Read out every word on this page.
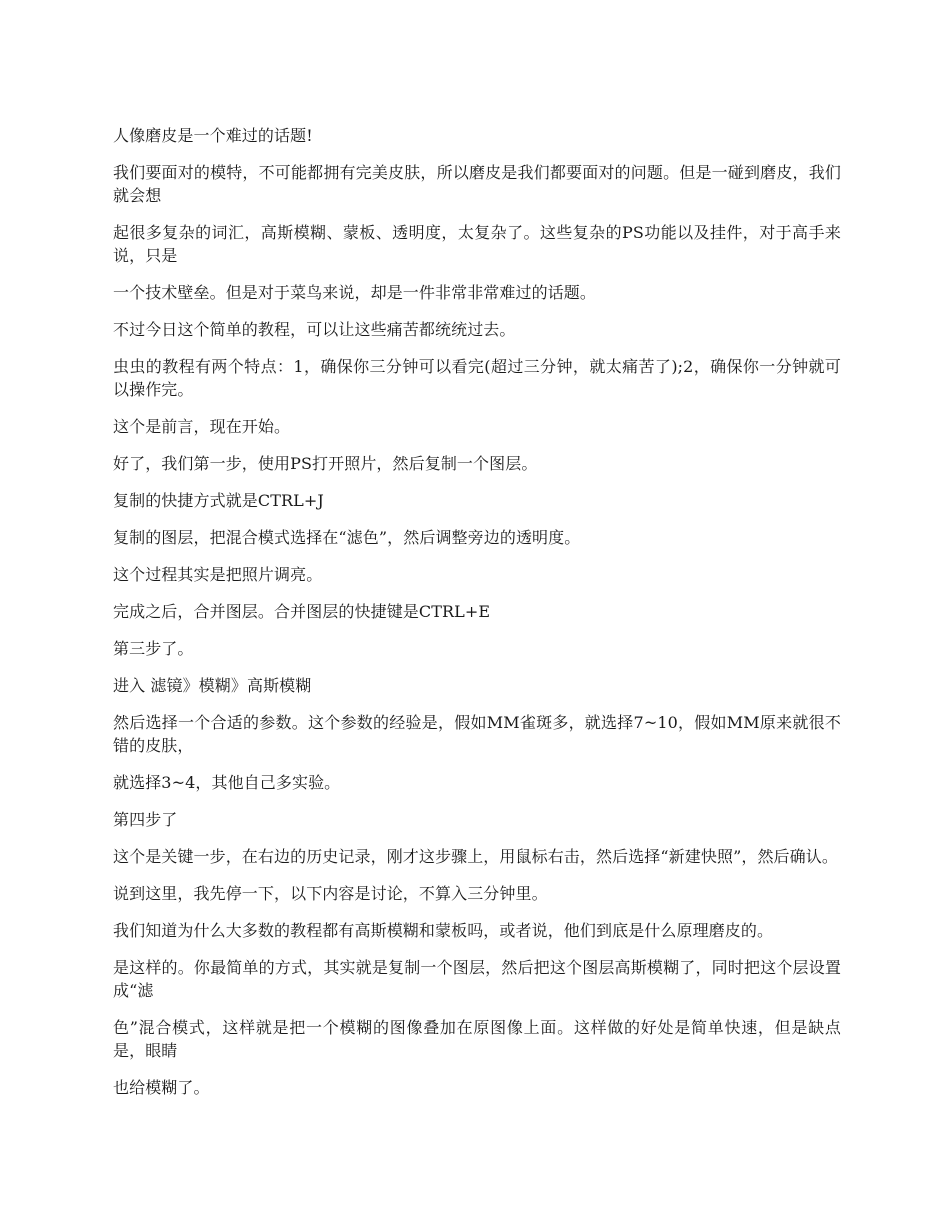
人像磨皮是一个难过的话题!

我们要面对的模特，不可能都拥有完美皮肤，所以磨皮是我们都要面对的问题。但是一碰到磨皮，我们就会想

起很多复杂的词汇，高斯模糊、蒙板、透明度，太复杂了。这些复杂的PS功能以及挂件，对于高手来说，只是

一个技术壁垒。但是对于菜鸟来说，却是一件非常非常难过的话题。

不过今日这个简单的教程，可以让这些痛苦都统统过去。

虫虫的教程有两个特点：1，确保你三分钟可以看完(超过三分钟，就太痛苦了);2，确保你一分钟就可以操作完。

这个是前言，现在开始。

好了，我们第一步，使用PS打开照片，然后复制一个图层。

复制的快捷方式就是CTRL+J

复制的图层，把混合模式选择在“滤色”，然后调整旁边的透明度。

这个过程其实是把照片调亮。

完成之后，合并图层。合并图层的快捷键是CTRL+E

第三步了。

进入 滤镜》模糊》高斯模糊

然后选择一个合适的参数。这个参数的经验是，假如MM雀斑多，就选择7~10，假如MM原来就很不错的皮肤，

就选择3~4，其他自己多实验。

第四步了

这个是关键一步，在右边的历史记录，刚才这步骤上，用鼠标右击，然后选择“新建快照”，然后确认。

说到这里，我先停一下，以下内容是讨论，不算入三分钟里。

我们知道为什么大多数的教程都有高斯模糊和蒙板吗，或者说，他们到底是什么原理磨皮的。

是这样的。你最简单的方式，其实就是复制一个图层，然后把这个图层高斯模糊了，同时把这个层设置成“滤

色”混合模式，这样就是把一个模糊的图像叠加在原图像上面。这样做的好处是简单快速，但是缺点是，眼睛

也给模糊了。
